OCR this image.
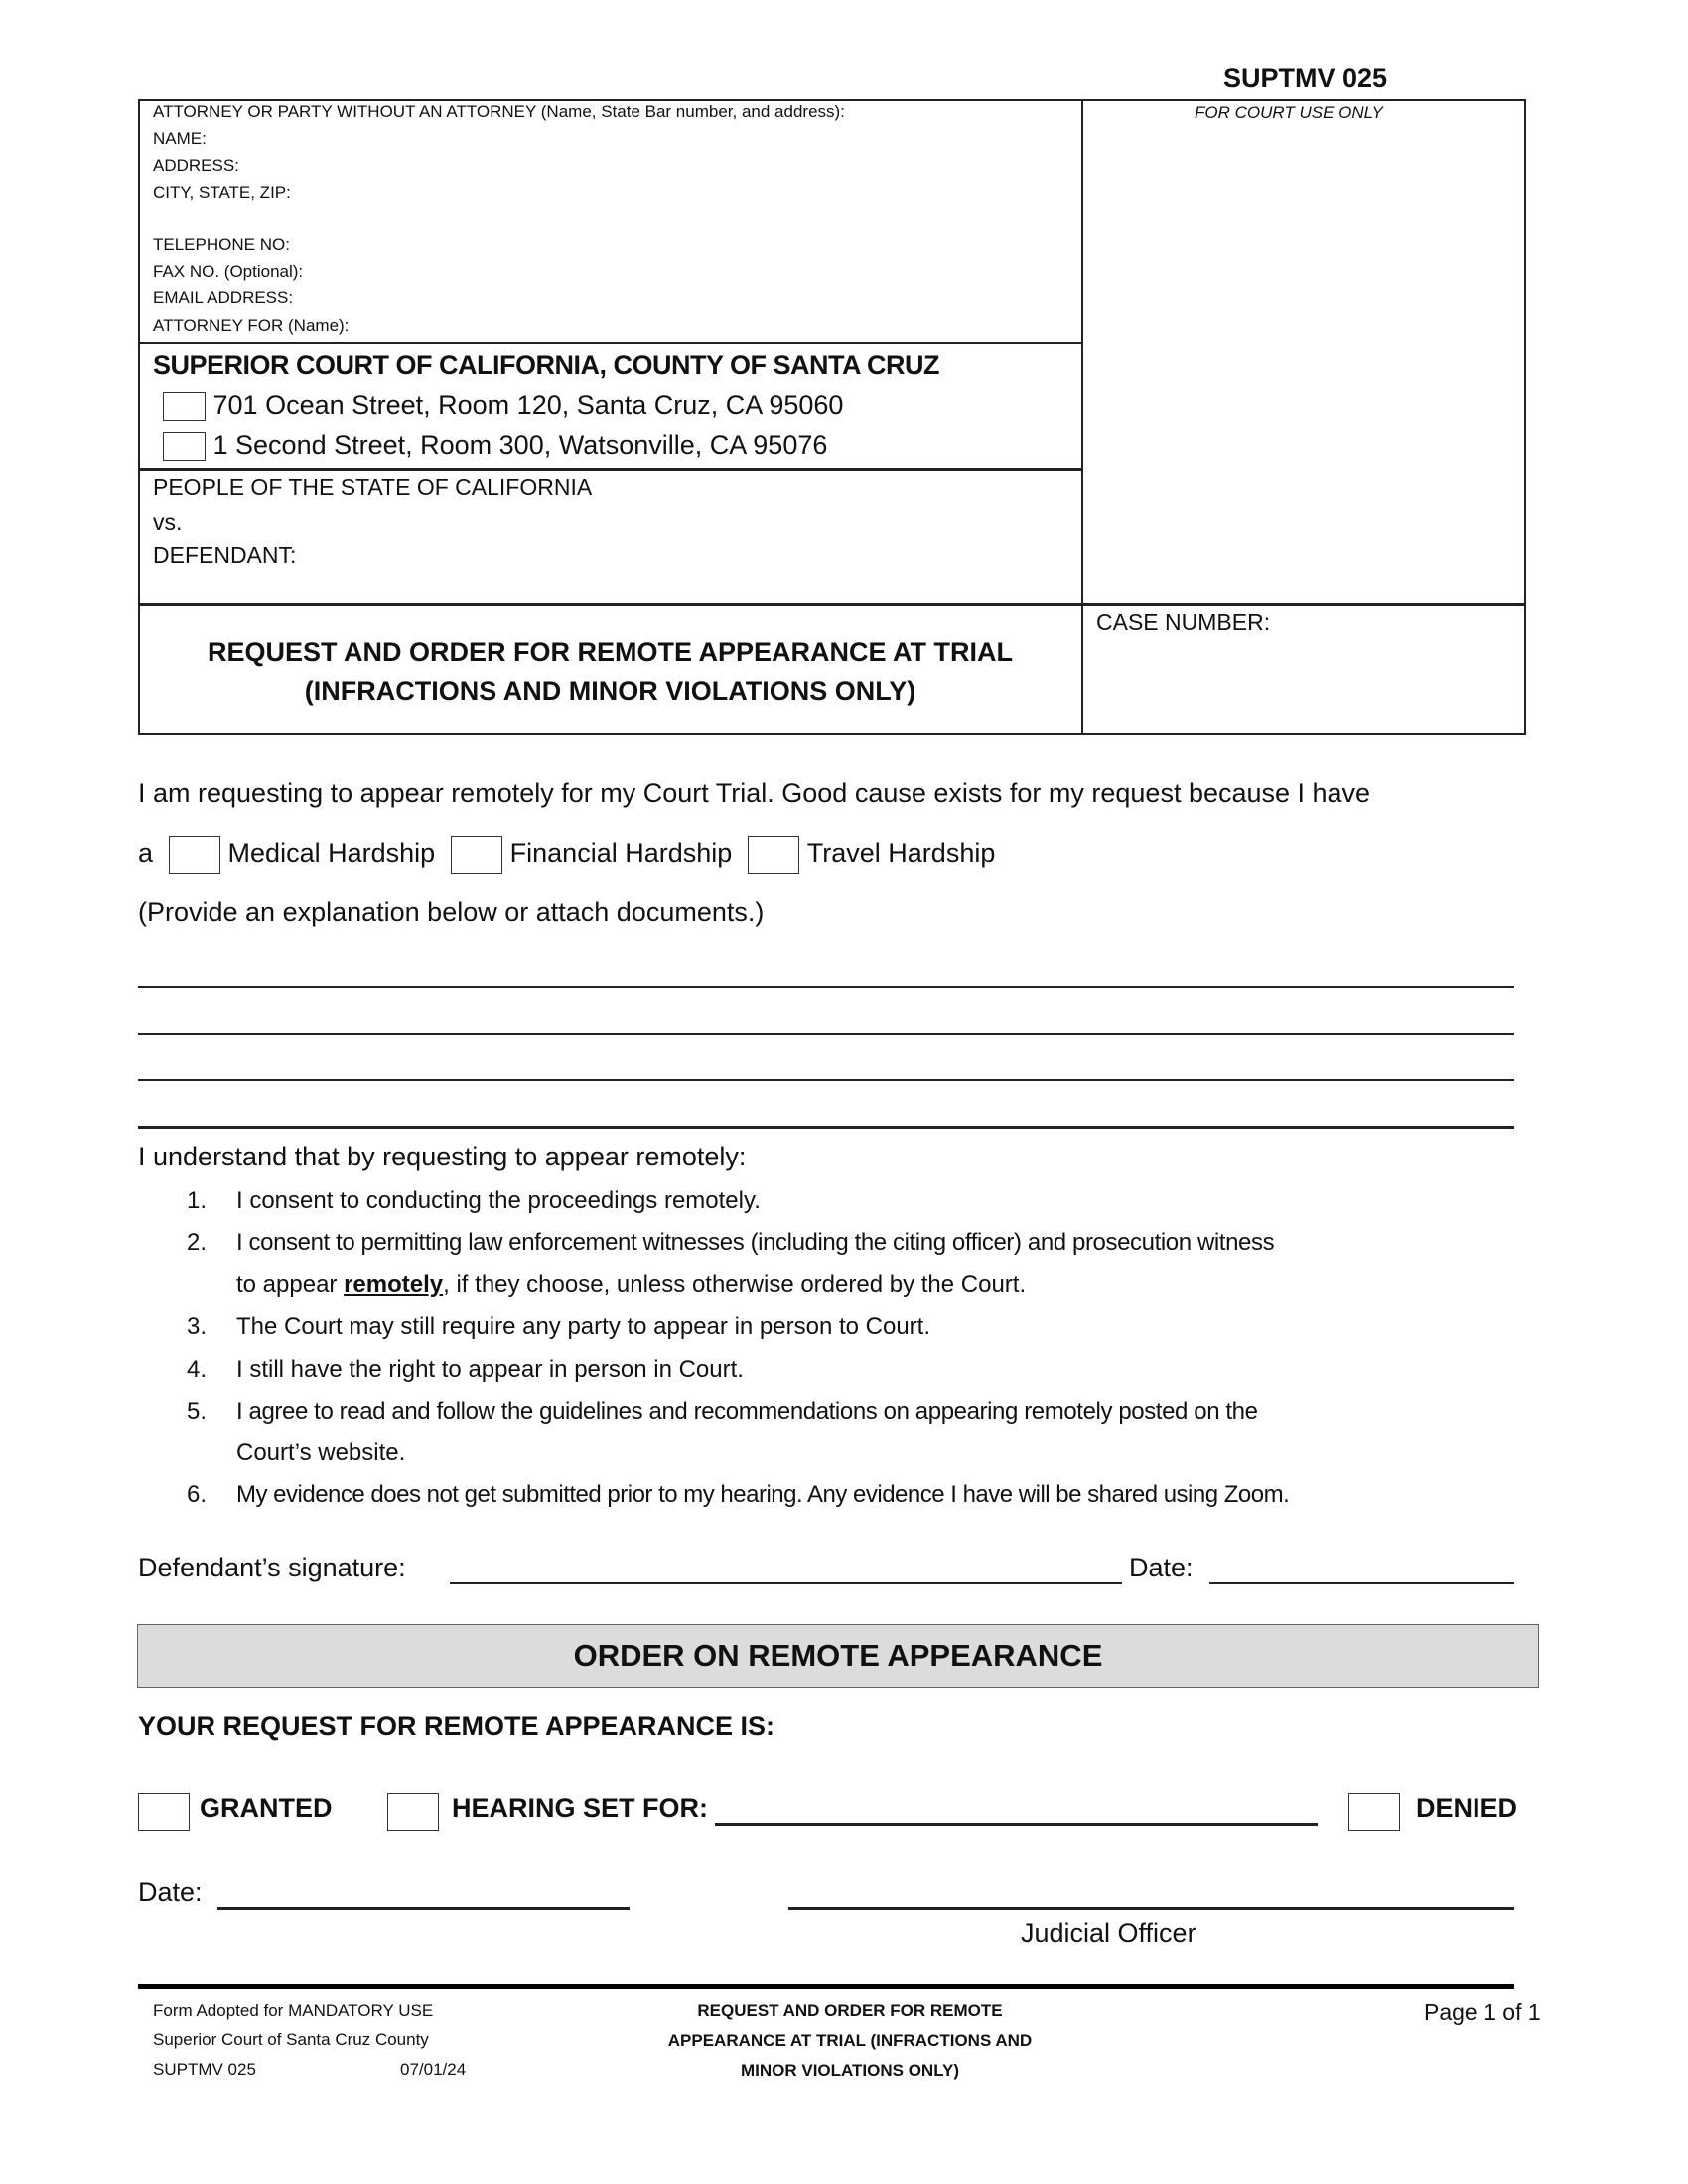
SUPTMV 025
ATTORNEY OR PARTY WITHOUT AN ATTORNEY (Name, State Bar number, and address):
NAME:
ADDRESS:
CITY, STATE, ZIP:
TELEPHONE NO:
FAX NO. (Optional):
EMAIL ADDRESS:
ATTORNEY FOR (Name):
FOR COURT USE ONLY
SUPERIOR COURT OF CALIFORNIA, COUNTY OF SANTA CRUZ
701 Ocean Street, Room 120, Santa Cruz, CA 95060
1 Second Street, Room 300, Watsonville, CA 95076
PEOPLE OF THE STATE OF CALIFORNIA
vs.
DEFENDANT:
CASE NUMBER:
REQUEST AND ORDER FOR REMOTE APPEARANCE AT TRIAL
(INFRACTIONS AND MINOR VIOLATIONS ONLY)
I am requesting to appear remotely for my Court Trial. Good cause exists for my request because I have
a	Medical Hardship	Financial Hardship	Travel Hardship
(Provide an explanation below or attach documents.)
I understand that by requesting to appear remotely:
1. I consent to conducting the proceedings remotely.
2. I consent to permitting law enforcement witnesses (including the citing officer) and prosecution witness
to appear remotely, if they choose, unless otherwise ordered by the Court.
3. The Court may still require any party to appear in person to Court.
4. I still have the right to appear in person in Court.
5. I agree to read and follow the guidelines and recommendations on appearing remotely posted on the
Court’s website.
6. My evidence does not get submitted prior to my hearing. Any evidence I have will be shared using Zoom.
Defendant’s signature:	Date:
ORDER ON REMOTE APPEARANCE
YOUR REQUEST FOR REMOTE APPEARANCE IS:
GRANTED	HEARING SET FOR:	DENIED
Date:
Judicial Officer
Form Adopted for MANDATORY USE
Superior Court of Santa Cruz County
SUPTMV 025	07/01/24
REQUEST AND ORDER FOR REMOTE
APPEARANCE AT TRIAL (INFRACTIONS AND
MINOR VIOLATIONS ONLY)
Page 1 of 1
